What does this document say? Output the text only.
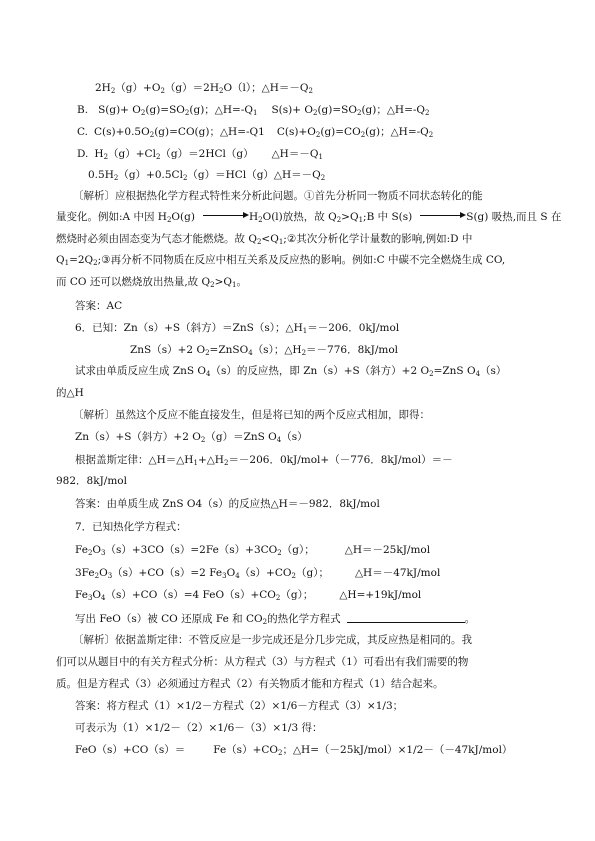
$2H_2(g)+O_2(g)=2H_2O(l)$；$\triangle H=-Q_2$
B. $S(g)+ O_2(g)=SO_2(g)$；$\triangle H=-Q_1$ $S(s)+ O_2(g)=SO_2(g)$；$\triangle H=-Q_2$
C. $C(s)+0.5O_2(g)=CO(g)$；△H=-Q1 $C(s)+O_2(g)=CO_2(g)$；$\triangle H=-Q_2$
D. $H_2(g)+Cl_2(g)=2HCl(g)$ $\triangle H=-Q_1$
$0.5H_2(g)+0.5Cl_2(g)=HCl(g)\triangle H=-Q_2$
〔解析〕应根据热化学方程式特性来分析此问题。①首先分析同一物质不同状态转化的能
量变化。例如:A 中因 $H_2O(g)$	$H_2O(l)$放热，故 $Q_2>Q_1;B$ 中 S(s)	S(g) 吸热,而且 S 在
燃烧时必须由固态变为气态才能燃烧。故 $Q_2<Q_1;②$其次分析化学计量数的影响,例如:D 中
$Q_1=2Q_2;③$再分析不同物质在反应中相互关系及反应热的影响。例如:C 中碳不完全燃烧生成 CO,
而 CO 还可以燃烧放出热量,故 $Q_2>Q_1$。
答案：AC
6．已知：Zn（s）+S（斜方）＝ZnS（s）；$\triangle H_1=-206$．0kJ/mol
ZnS（s）+2 $O_2=ZnSO_4(s)$；$\triangle H_2=-776$．8kJ/mol
试求由单质反应生成 ZnS $O_4(s)$的反应热，即 Zn（s）+S（斜方）+2 $O_2=ZnS$ $O_4(s)$
的△H
〔解析〕虽然这个反应不能直接发生，但是将已知的两个反应式相加，即得：
Zn（s）+S（斜方）+2 $O_2(g)=ZnS$ $O_4(s)$
根据盖斯定律：$\triangle H=\triangle H_1+\triangle H_2=-206$．0kJ/mol+（－776．8kJ/mol）＝－
982．8kJ/mol
答案：由单质生成 ZnS O4（s）的反应热△H＝－982．8kJ/mol
7．已知热化学方程式：
$Fe_2O_3(s)+3CO(s)=2Fe(s)+3CO_2(g)$；	△H＝－25kJ/mol
$3Fe_2O_3(s)+CO(s)=2$ $Fe_3O_4(s)+CO_2(g)$； △H＝－47kJ/mol
$Fe_3O_4(s)+CO(s)=4$ $FeO(s)+CO_2(g)$； △H=+19kJ/mol
写出 FeO（s）被 CO 还原成 Fe 和 $CO_2$的热化学方程式	。
〔解析〕依据盖斯定律：不管反应是一步完成还是分几步完成，其反应热是相同的。我
们可以从题目中的有关方程式分析：从方程式（3）与方程式（1）可看出有我们需要的物
质。但是方程式（3）必须通过方程式（2）有关物质才能和方程式（1）结合起来。
答案：将方程式（1）×1/2－方程式（2）×1/6－方程式（3）×1/3；
可表示为（1）×1/2－（2）×1/6－（3）×1/3 得：
FeO（s）+CO（s）＝	$Fe(s)+CO_2$；△H=（－25kJ/mol）×1/2－（－47kJ/mol）
